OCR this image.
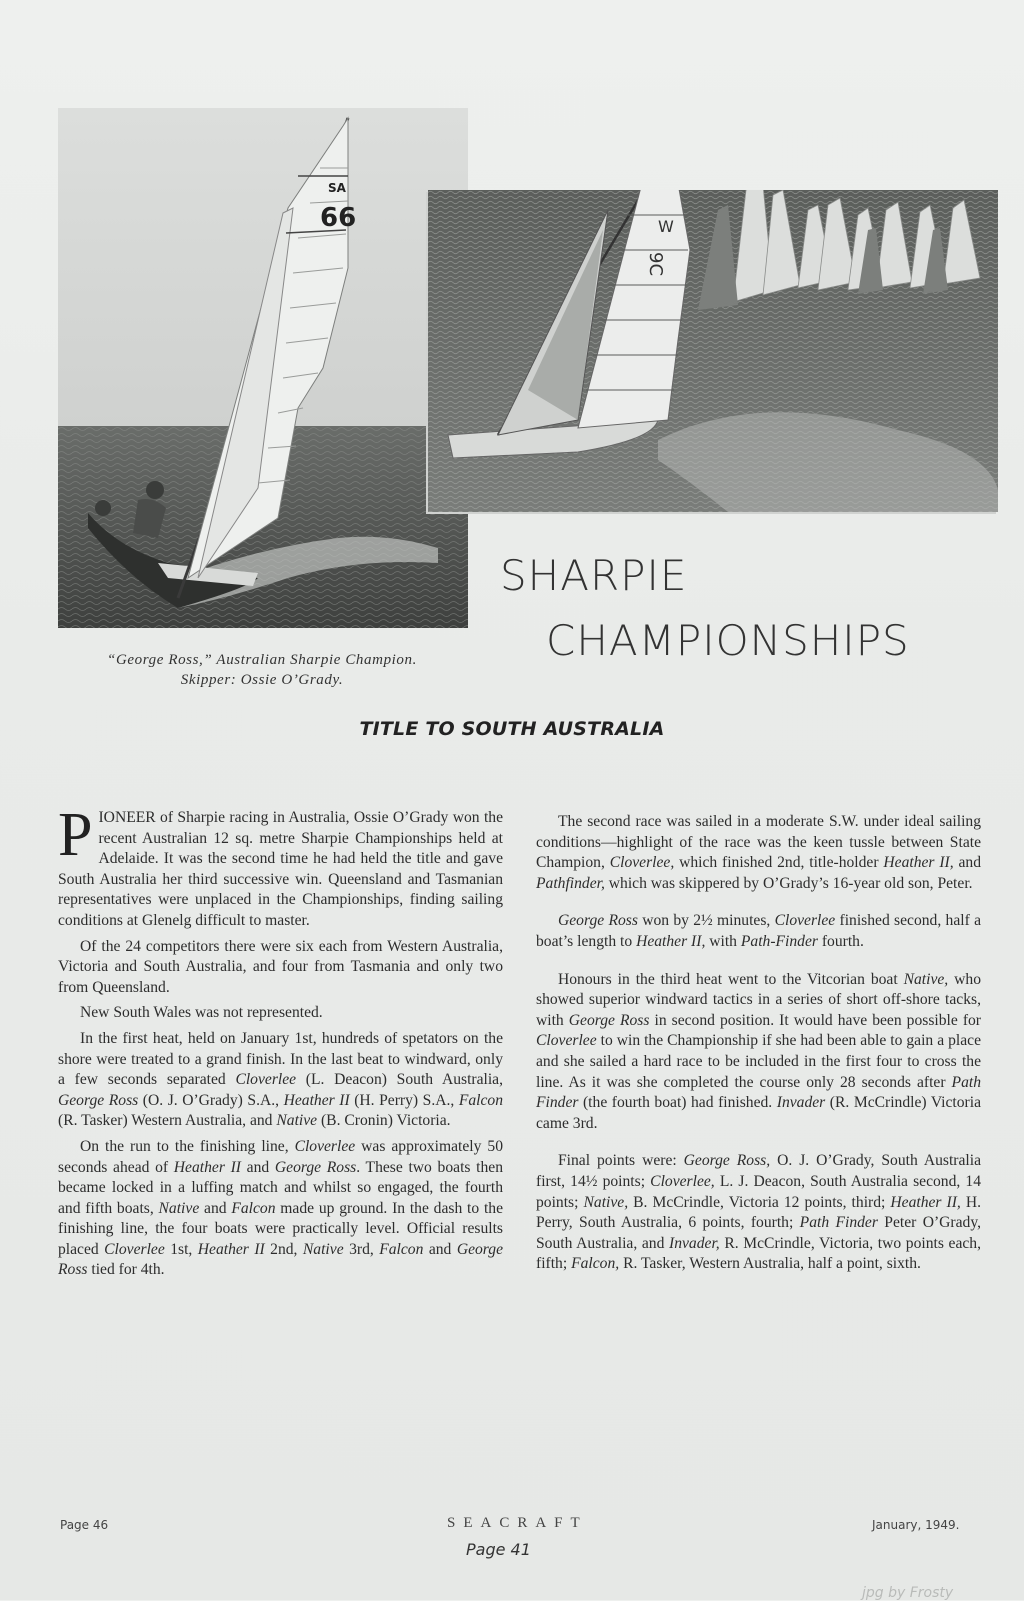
SA
66	W
9C
“George Ross,” Australian Sharpie Champion.
Skipper: Ossie O’Grady.
SHARPIE
CHAMPIONSHIPS
TITLE TO SOUTH AUSTRALIA

PIONEER of Sharpie racing in Australia, Ossie O’Grady won the recent Australian 12 sq. metre Sharpie Championships held at Adelaide. It was the second time he had held the title and gave South Australia her third successive win. Queensland and Tasmanian representatives were unplaced in the Championships, finding sailing conditions at Glenelg difficult to master.

Of the 24 competitors there were six each from Western Australia, Victoria and South Australia, and four from Tasmania and only two from Queensland.

New South Wales was not represented.

In the first heat, held on January 1st, hundreds of spetators on the shore were treated to a grand finish. In the last beat to windward, only a few seconds separated Cloverlee (L. Deacon) South Australia, George Ross (O. J. O’Grady) S.A., Heather II (H. Perry) S.A., Falcon (R. Tasker) Western Australia, and Native (B. Cronin) Victoria.

On the run to the finishing line, Cloverlee was approximately 50 seconds ahead of Heather II and George Ross. These two boats then became locked in a luffing match and whilst so engaged, the fourth and fifth boats, Native and Falcon made up ground. In the dash to the finishing line, the four boats were practically level. Official results placed Cloverlee 1st, Heather II 2nd, Native 3rd, Falcon and George Ross tied for 4th.

The second race was sailed in a moderate S.W. under ideal sailing conditions—highlight of the race was the keen tussle between State Champion, Cloverlee, which finished 2nd, title-holder Heather II, and Pathfinder, which was skippered by O’Grady’s 16-year old son, Peter.

George Ross won by 2½ minutes, Cloverlee finished second, half a boat’s length to Heather II, with Path-Finder fourth.

Honours in the third heat went to the Vitcorian boat Native, who showed superior windward tactics in a series of short off-shore tacks, with George Ross in second position. It would have been possible for Cloverlee to win the Championship if she had been able to gain a place and she sailed a hard race to be included in the first four to cross the line. As it was she completed the course only 28 seconds after Path Finder (the fourth boat) had finished. Invader (R. McCrindle) Victoria came 3rd.

Final points were: George Ross, O. J. O’Grady, South Australia first, 14½ points; Cloverlee, L. J. Deacon, South Australia second, 14 points; Native, B. McCrindle, Victoria 12 points, third; Heather II, H. Perry, South Australia, 6 points, fourth; Path Finder Peter O’Grady, South Australia, and Invader, R. McCrindle, Victoria, two points each, fifth; Falcon, R. Tasker, Western Australia, half a point, sixth.

Page 46	SEACRAFT	January, 1949.
Page 41
jpg by Frosty
